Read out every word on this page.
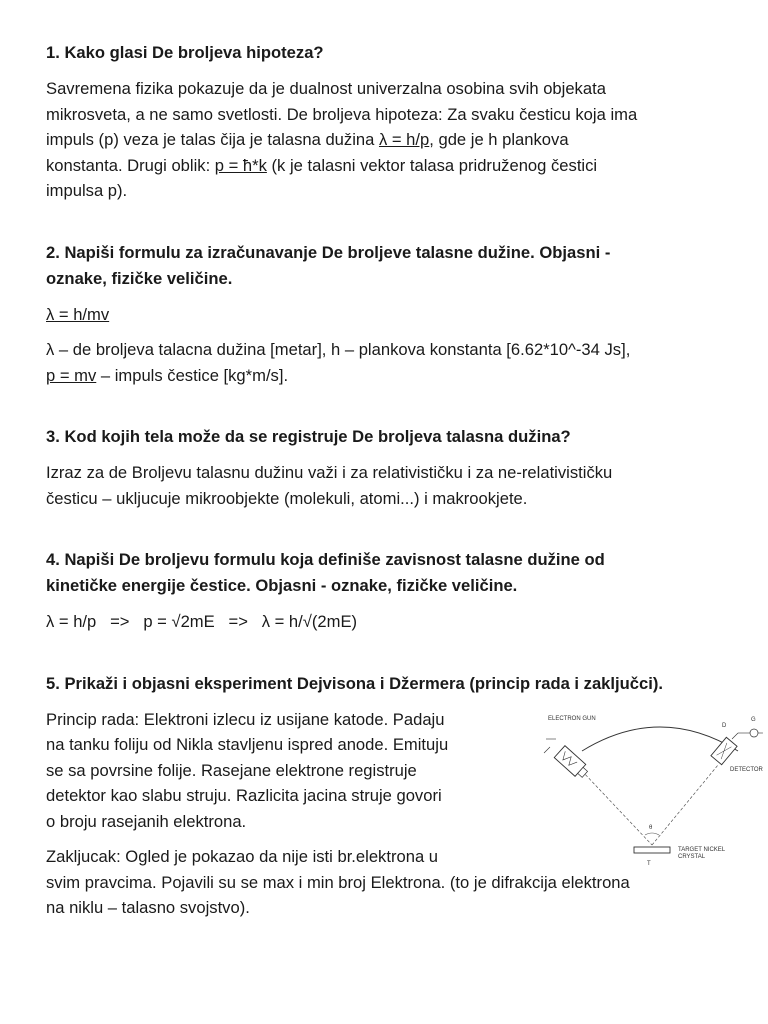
1. Kako glasi De broljeva hipoteza?

Savremena fizika pokazuje da je dualnost univerzalna osobina svih objekata

mikrosveta, a ne samo svetlosti. De broljeva hipoteza: Za svaku česticu koja ima

impuls (p) veza je talas čija je talasna dužina λ = h/p, gde je h plankova

konstanta. Drugi oblik: p = ћ*k (k je talasni vektor talasa pridruženog čestici

impulsa p).

2. Napiši formulu za izračunavanje De broljeve talasne dužine. Objasni -

oznake, fizičke veličine.

λ = h/mv

λ – de broljeva talacna dužina [metar], h – plankova konstanta [6.62*10^-34 Js],

p = mv – impuls čestice [kg*m/s].

3. Kod kojih tela može da se registruje De broljeva talasna dužina?

Izraz za de Broljevu talasnu dužinu važi i za relativističku i za ne-relativističku

česticu – ukljucuje mikroobjekte (molekuli, atomi...) i makrookjete.

4. Napiši De broljevu formulu koja definiše zavisnost talasne dužine od

kinetičke energije čestice. Objasni - oznake, fizičke veličine.

λ = h/p   =>   p = √2mE   =>   λ = h/√(2mE)

5. Prikaži i objasni eksperiment Dejvisona i Džermera (princip rada i zaključci).

θ
ELECTRON GUN
D
G
DETECTOR
T
TARGET NICKEL
CRYSTAL

Princip rada: Elektroni izlecu iz usijane katode. Padaju

na tanku foliju od Nikla stavljenu ispred anode. Emituju

se sa povrsine folije. Rasejane elektrone registruje

detektor kao slabu struju. Razlicita jacina struje govori

o broju rasejanih elektrona.

Zakljucak: Ogled je pokazao da nije isti br.elektrona u

svim pravcima. Pojavili su se max i min broj Elektrona. (to je difrakcija elektrona

na niklu – talasno svojstvo).
